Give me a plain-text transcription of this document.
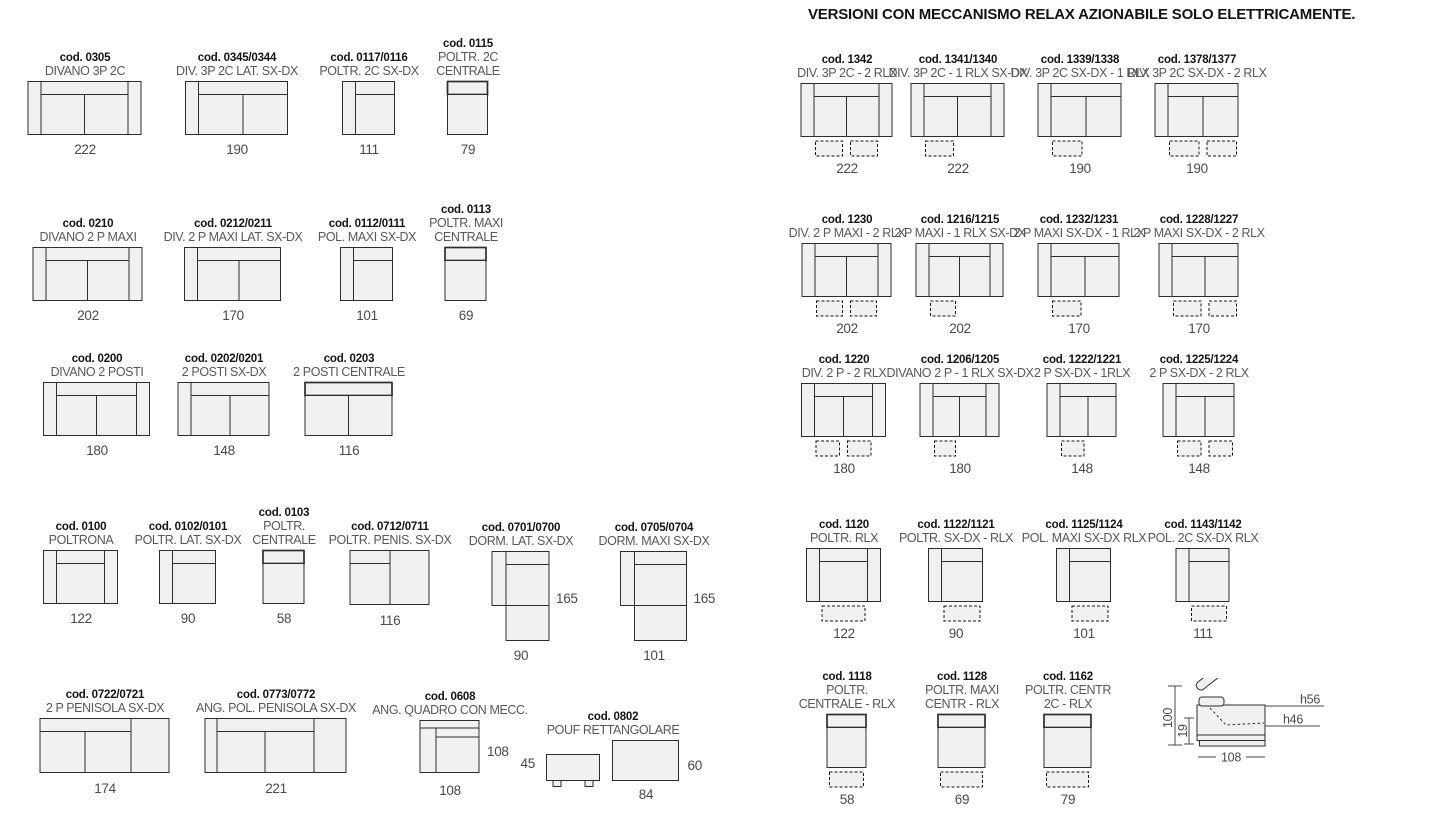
VERSIONI CON MECCANISMO RELAX AZIONABILE SOLO ELETTRICAMENTE.
cod. 0305
DIVANO 3P 2C
222
cod. 0345/0344
DIV. 3P 2C LAT. SX-DX
190
cod. 0117/0116
POLTR. 2C SX-DX
111
cod. 0115
POLTR. 2C
CENTRALE
79
cod. 0210
DIVANO 2 P MAXI
202
cod. 0212/0211
DIV. 2 P MAXI LAT. SX-DX
170
cod. 0112/0111
POL. MAXI SX-DX
101
cod. 0113
POLTR. MAXI
CENTRALE
69
cod. 0200
DIVANO 2 POSTI
180
cod. 0202/0201
2 POSTI SX-DX
148
cod. 0203
2 POSTI CENTRALE
116
cod. 0100
POLTRONA
122
cod. 0102/0101
POLTR. LAT. SX-DX
90
cod. 0103
POLTR.
CENTRALE
58
cod. 0712/0711
POLTR. PENIS. SX-DX
116
cod. 0701/0700
DORM. LAT. SX-DX
90
165
cod. 0705/0704
DORM. MAXI SX-DX
101
165
cod. 0722/0721
2 P PENISOLA SX-DX
174
cod. 0773/0772
ANG. POL. PENISOLA SX-DX
221
cod. 0608
ANG. QUADRO CON MECC.
108
108
cod. 0802
POUF RETTANGOLARE
84
60
45
cod. 1342
DIV. 3P 2C - 2 RLX
222
cod. 1341/1340
DIV. 3P 2C - 1 RLX SX-DX
222
cod. 1339/1338
DIV. 3P 2C SX-DX - 1 RLX
190
cod. 1378/1377
DIV. 3P 2C SX-DX - 2 RLX
190
cod. 1230
DIV. 2 P MAXI - 2 RLX
202
cod. 1216/1215
2 P MAXI - 1 RLX SX-DX
202
cod. 1232/1231
2 P MAXI SX-DX - 1 RLX
170
cod. 1228/1227
2 P MAXI SX-DX - 2 RLX
170
cod. 1220
DIV. 2 P - 2 RLX
180
cod. 1206/1205
DIVANO 2 P - 1 RLX SX-DX
180
cod. 1222/1221
2 P SX-DX - 1RLX
148
cod. 1225/1224
2 P SX-DX - 2 RLX
148
cod. 1120
POLTR. RLX
122
cod. 1122/1121
POLTR. SX-DX - RLX
90
cod. 1125/1124
POL. MAXI SX-DX RLX
101
cod. 1143/1142
POL. 2C SX-DX RLX
111
cod. 1118
POLTR.
CENTRALE - RLX
58
cod. 1128
POLTR. MAXI
CENTR - RLX
69
cod. 1162
POLTR. CENTR
2C - RLX
79
100
19
108
h56
h46
